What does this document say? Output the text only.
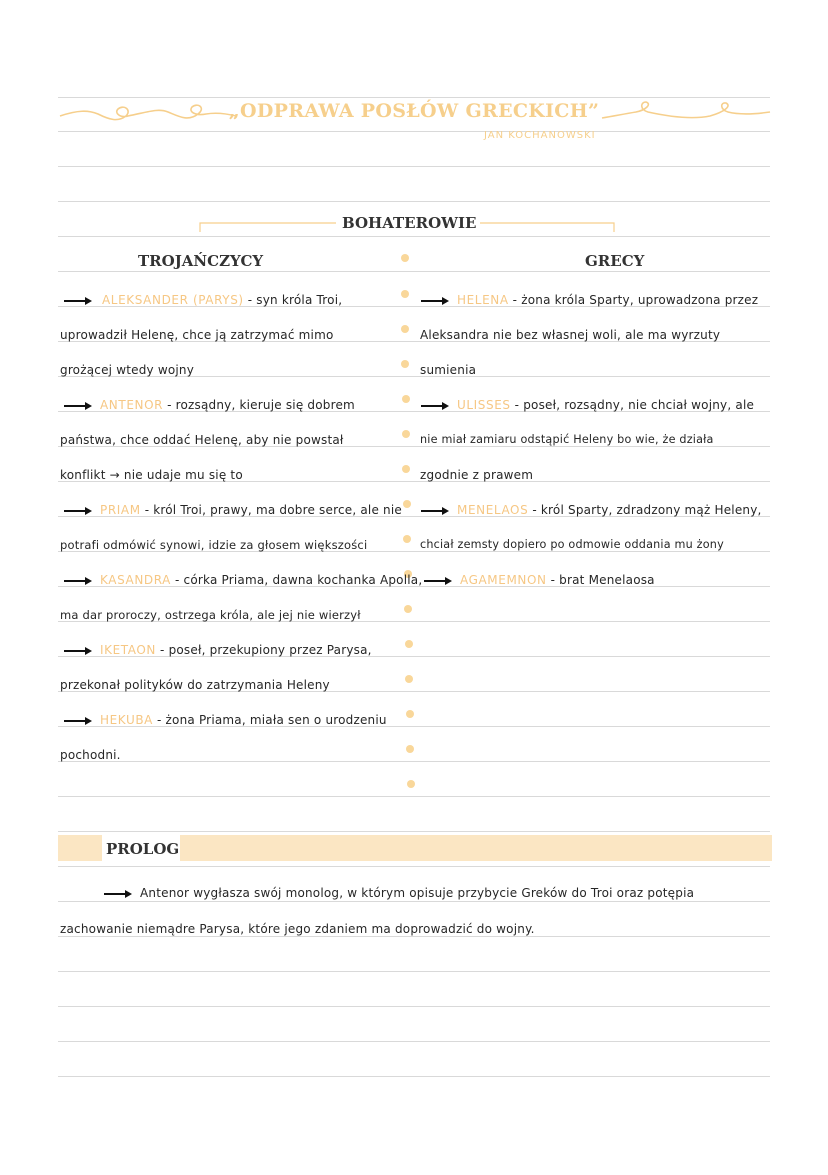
„ODPRAWA POSŁÓW GRECKICH”
JAN KOCHANOWSKI
BOHATEROWIE
TROJAŃCZYCY	GRECY
ALEKSANDER (PARYS) - syn króla Troi,
uprowadził Helenę, chce ją zatrzymać mimo
grożącej wtedy wojny
ANTENOR - rozsądny, kieruje się dobrem
państwa, chce oddać Helenę, aby nie powstał
konflikt → nie udaje mu się to
PRIAM - król Troi, prawy, ma dobre serce, ale nie
potrafi odmówić synowi, idzie za głosem większości
KASANDRA - córka Priama, dawna kochanka Apolla,
ma dar proroczy, ostrzega króla, ale jej nie wierzył
IKETAON - poseł, przekupiony przez Parysa,
przekonał polityków do zatrzymania Heleny
HEKUBA - żona Priama, miała sen o urodzeniu
pochodni.
HELENA - żona króla Sparty, uprowadzona przez
Aleksandra nie bez własnej woli, ale ma wyrzuty
sumienia
ULISSES - poseł, rozsądny, nie chciał wojny, ale
nie miał zamiaru odstąpić Heleny bo wie, że działa
zgodnie z prawem
MENELAOS - król Sparty, zdradzony mąż Heleny,
chciał zemsty dopiero po odmowie oddania mu żony
AGAMEMNON - brat Menelaosa
PROLOG
Antenor wygłasza swój monolog, w którym opisuje przybycie Greków do Troi oraz potępia
zachowanie niemądre Parysa, które jego zdaniem ma doprowadzić do wojny.
